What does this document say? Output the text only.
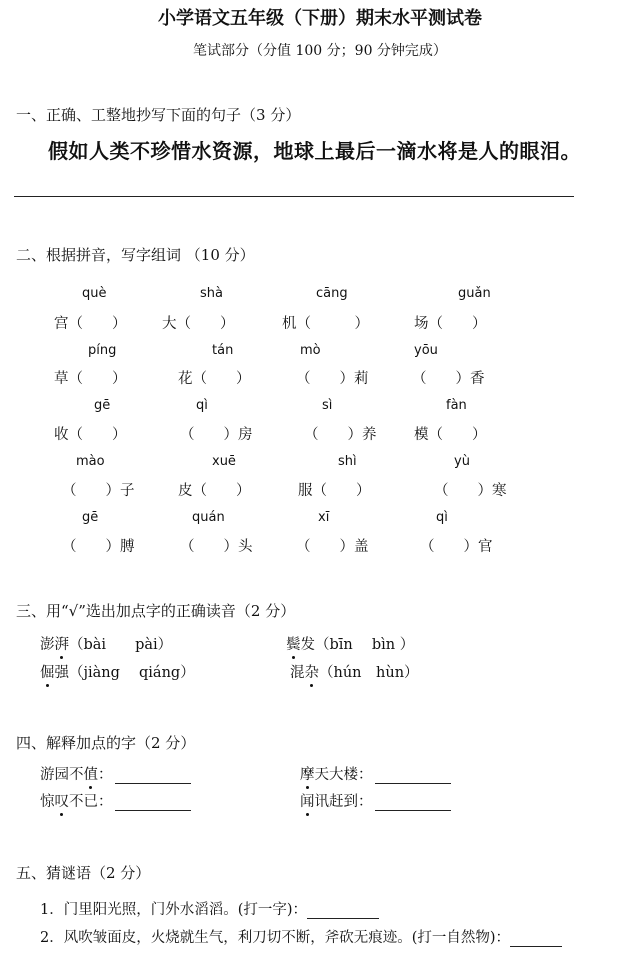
小学语文五年级（下册）期末水平测试卷
笔试部分（分值 100 分；90 分钟完成）
一、正确、工整地抄写下面的句子（3 分）
假如人类不珍惜水资源，地球上最后一滴水将是人的眼泪。
二、根据拼音，写字组词 （10 分）
què	shà	cāng	guǎn
宫（　　） 大（　　）	机（　　　）	场（　　）
píng	tán	mò	yōu
草（　　）	花（　　）	（　　）莉	（　　）香
gē	qì	sì	fàn
收（　　）	（　　）房	（　　）养	模（　　）
mào	xuē	shì	yù
（　　）子	皮（　　）	服（　　）	（　　）寒
gē	quán	xī	qì
（　　）膊	（　　）头	（　　）盖	（　　）官
三、用“√”选出加点字的正确读音（2 分）
澎湃（bài　　pài）	鬓发（bīn　 bìn ）
倔强（jiàng　 qiáng）	混杂（hún　hùn）
四、解释加点的字（2 分）
游园不值：	摩天大楼：
惊叹不已：	闻讯赶到：
五、猜谜语（2 分）
1．门里阳光照，门外水滔滔。(打一字)：
2．风吹皱面皮，火烧就生气，利刀切不断，斧砍无痕迹。(打一自然物)：
